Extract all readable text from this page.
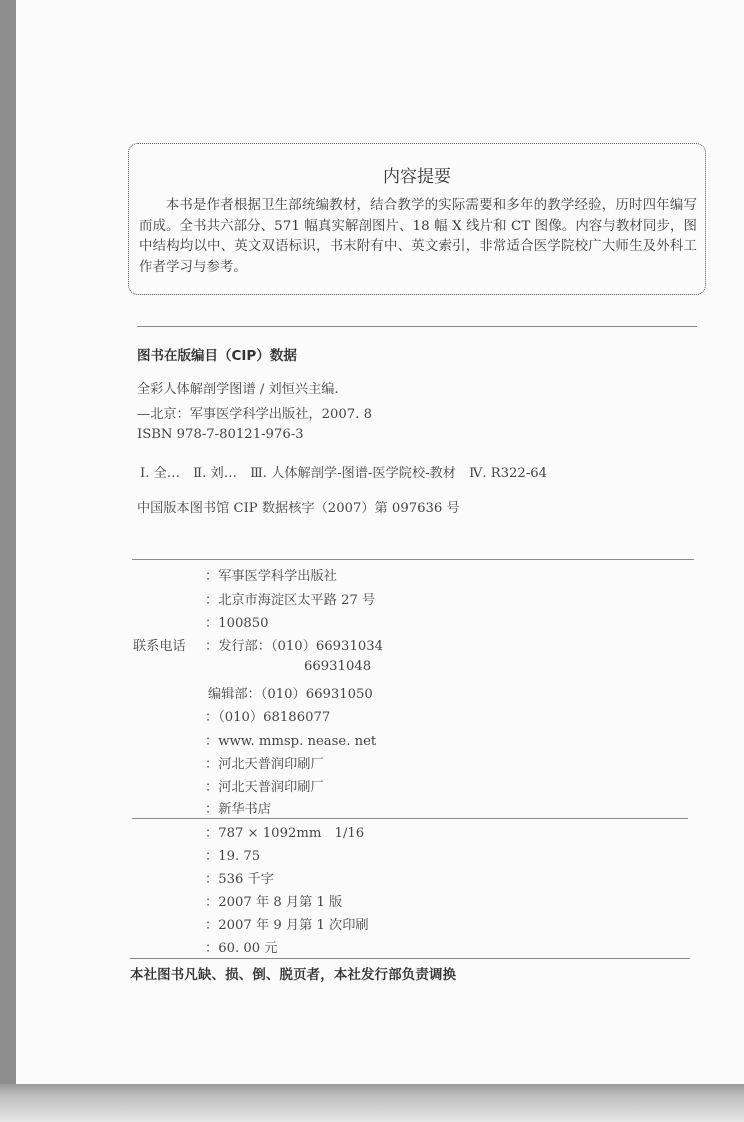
内容提要
本书是作者根据卫生部统编教材，结合教学的实际需要和多年的教学经验，历时四年编写而成。全书共六部分、571 幅真实解剖图片、18 幅 X 线片和 CT 图像。内容与教材同步，图中结构均以中、英文双语标识，书末附有中、英文索引，非常适合医学院校广大师生及外科工作者学习与参考。
图书在版编目（CIP）数据
全彩人体解剖学图谱 / 刘恒兴主编.
—北京：军事医学科学出版社，2007. 8
ISBN 978-7-80121-976-3
Ⅰ. 全…　Ⅱ. 刘…　Ⅲ. 人体解剖学-图谱-医学院校-教材　Ⅳ. R322-64
中国版本图书馆 CIP 数据核字（2007）第 097636 号
：军事医学科学出版社
：北京市海淀区太平路 27 号
：100850
联系电话 ：发行部：（010）66931034
66931048
编辑部：（010）66931050
：（010）68186077
：www. mmsp. nease. net
：河北天普润印刷厂
：河北天普润印刷厂
：新华书店
：787 × 1092mm　1/16
：19. 75
：536 千字
：2007 年 8 月第 1 版
：2007 年 9 月第 1 次印刷
：60. 00 元
本社图书凡缺、损、倒、脱页者，本社发行部负责调换
